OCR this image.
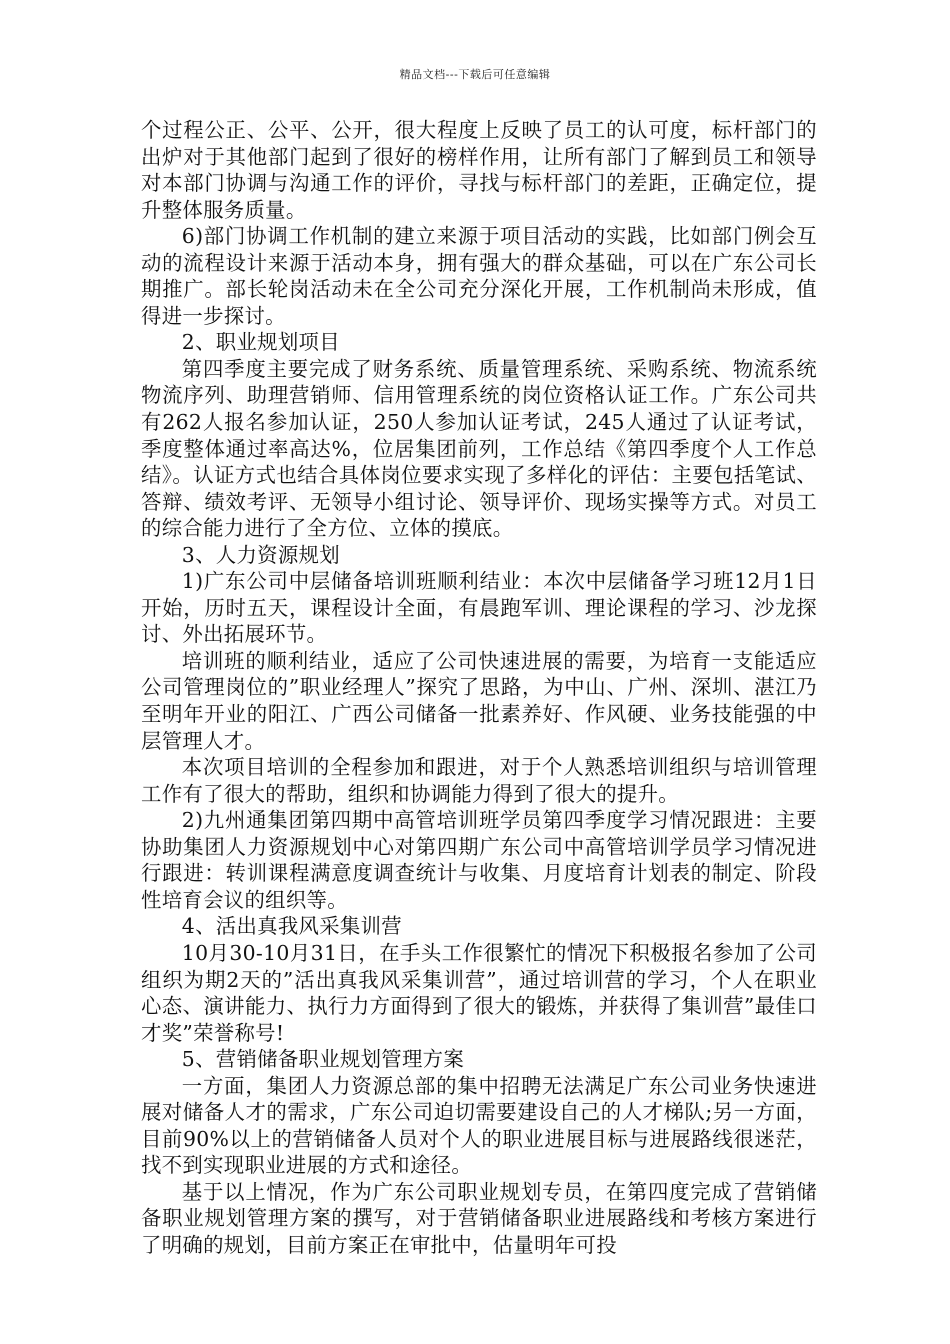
精品文档---下载后可任意编辑

个过程公正、公平、公开，很大程度上反映了员工的认可度，标杆部门的出炉对于其他部门起到了很好的榜样作用，让所有部门了解到员工和领导对本部门协调与沟通工作的评价，寻找与标杆部门的差距，正确定位，提升整体服务质量。

6)部门协调工作机制的建立来源于项目活动的实践，比如部门例会互动的流程设计来源于活动本身，拥有强大的群众基础，可以在广东公司长期推广。部长轮岗活动未在全公司充分深化开展，工作机制尚未形成，值得进一步探讨。

2、职业规划项目

第四季度主要完成了财务系统、质量管理系统、采购系统、物流系统物流序列、助理营销师、信用管理系统的岗位资格认证工作。广东公司共有262人报名参加认证，250人参加认证考试，245人通过了认证考试，季度整体通过率高达%，位居集团前列，工作总结《第四季度个人工作总结》。认证方式也结合具体岗位要求实现了多样化的评估：主要包括笔试、答辩、绩效考评、无领导小组讨论、领导评价、现场实操等方式。对员工的综合能力进行了全方位、立体的摸底。

3、人力资源规划

1)广东公司中层储备培训班顺利结业：本次中层储备学习班12月1日开始，历时五天，课程设计全面，有晨跑军训、理论课程的学习、沙龙探讨、外出拓展环节。

培训班的顺利结业，适应了公司快速进展的需要，为培育一支能适应公司管理岗位的”职业经理人”探究了思路，为中山、广州、深圳、湛江乃至明年开业的阳江、广西公司储备一批素养好、作风硬、业务技能强的中层管理人才。

本次项目培训的全程参加和跟进，对于个人熟悉培训组织与培训管理工作有了很大的帮助，组织和协调能力得到了很大的提升。

2)九州通集团第四期中高管培训班学员第四季度学习情况跟进：主要协助集团人力资源规划中心对第四期广东公司中高管培训学员学习情况进行跟进：转训课程满意度调查统计与收集、月度培育计划表的制定、阶段性培育会议的组织等。

4、活出真我风采集训营

10月30-10月31日，在手头工作很繁忙的情况下积极报名参加了公司组织为期2天的”活出真我风采集训营”，通过培训营的学习，个人在职业心态、演讲能力、执行力方面得到了很大的锻炼，并获得了集训营”最佳口才奖”荣誉称号!

5、营销储备职业规划管理方案

一方面，集团人力资源总部的集中招聘无法满足广东公司业务快速进展对储备人才的需求，广东公司迫切需要建设自己的人才梯队;另一方面，目前90%以上的营销储备人员对个人的职业进展目标与进展路线很迷茫，找不到实现职业进展的方式和途径。

基于以上情况，作为广东公司职业规划专员，在第四度完成了营销储备职业规划管理方案的撰写，对于营销储备职业进展路线和考核方案进行了明确的规划，目前方案正在审批中，估量明年可投
